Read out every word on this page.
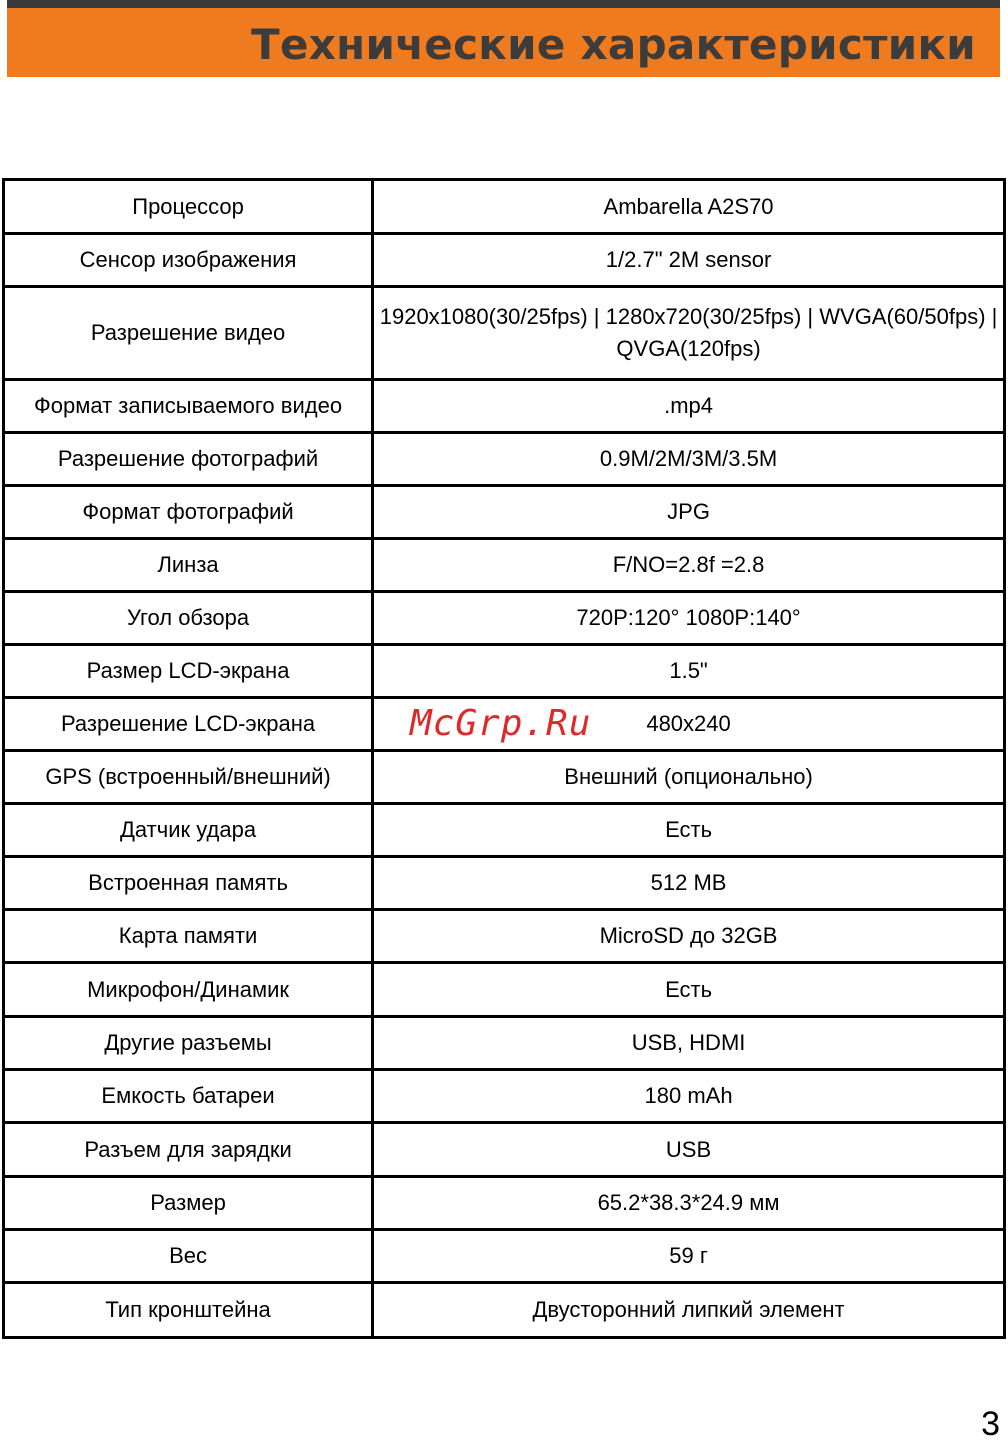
Технические характеристики
Процессор	Ambarella A2S70
Сенсор изображения	1/2.7" 2M sensor
Разрешение видео	1920x1080(30/25fps) | 1280x720(30/25fps) | WVGA(60/50fps) | QVGA(120fps)
Формат записываемого видео	.mp4
Разрешение фотографий	0.9M/2M/3M/3.5M
Формат фотографий	JPG
Линза	F/NO=2.8f =2.8
Угол обзора	720P:120° 1080P:140°
Размер LCD-экрана	1.5"
Разрешение LCD-экрана	480x240
GPS (встроенный/внешний)	Внешний (опционально)
Датчик удара	Есть
Встроенная память	512 MB
Карта памяти	MicroSD до 32GB
Микрофон/Динамик	Есть
Другие разъемы	USB, HDMI
Емкость батареи	180 mAh
Разъем для зарядки	USB
Размер	65.2*38.3*24.9 мм
Вес	59 г
Тип кронштейна	Двусторонний липкий элемент
McGrp.Ru
3
